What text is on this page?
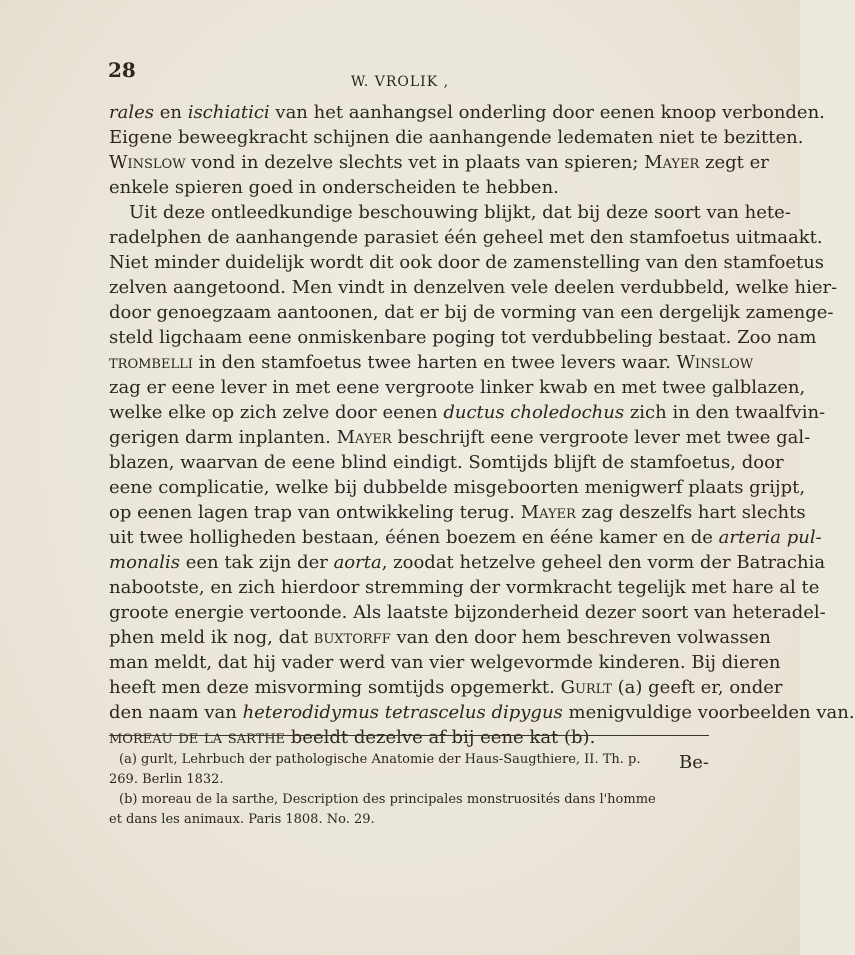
28	W. VROLIK ,
rales en ischiatici van het aanhangsel onderling door eenen knoop verbonden.
Eigene beweegkracht schijnen die aanhangende ledematen niet te bezitten.
Winslow vond in dezelve slechts vet in plaats van spieren; Mayer zegt er
enkele spieren goed in onderscheiden te hebben.
Uit deze ontleedkundige beschouwing blijkt, dat bij deze soort van hete-
radelphen de aanhangende parasiet één geheel met den stamfoetus uitmaakt.
Niet minder duidelijk wordt dit ook door de zamenstelling van den stamfoetus
zelven aangetoond. Men vindt in denzelven vele deelen verdubbeld, welke hier-
door genoegzaam aantoonen, dat er bij de vorming van een dergelijk zamenge-
steld ligchaam eene onmiskenbare poging tot verdubbeling bestaat. Zoo nam
trombelli in den stamfoetus twee harten en twee levers waar. Winslow
zag er eene lever in met eene vergroote linker kwab en met twee galblazen,
welke elke op zich zelve door eenen ductus choledochus zich in den twaalfvin-
gerigen darm inplanten. Mayer beschrijft eene vergroote lever met twee gal-
blazen, waarvan de eene blind eindigt. Somtijds blijft de stamfoetus, door
eene complicatie, welke bij dubbelde misgeboorten menigwerf plaats grijpt,
op eenen lagen trap van ontwikkeling terug. Mayer zag deszelfs hart slechts
uit twee holligheden bestaan, éénen boezem en ééne kamer en de arteria pul-
monalis een tak zijn der aorta, zoodat hetzelve geheel den vorm der Batrachia
nabootste, en zich hierdoor stremming der vormkracht tegelijk met hare al te
groote energie vertoonde. Als laatste bijzonderheid dezer soort van heteradel-
phen meld ik nog, dat buxtorff van den door hem beschreven volwassen
man meldt, dat hij vader werd van vier welgevormde kinderen. Bij dieren
heeft men deze misvorming somtijds opgemerkt. Gurlt (a) geeft er, onder
den naam van heterodidymus tetrascelus dipygus menigvuldige voorbeelden van.
moreau de la sarthe beeldt dezelve af bij eene kat (b).
Be-
(a) gurlt, Lehrbuch der pathologische Anatomie der Haus-Saugthiere, II. Th. p.
269. Berlin 1832.
(b) moreau de la sarthe, Description des principales monstruosités dans l'homme
et dans les animaux. Paris 1808. No. 29.
